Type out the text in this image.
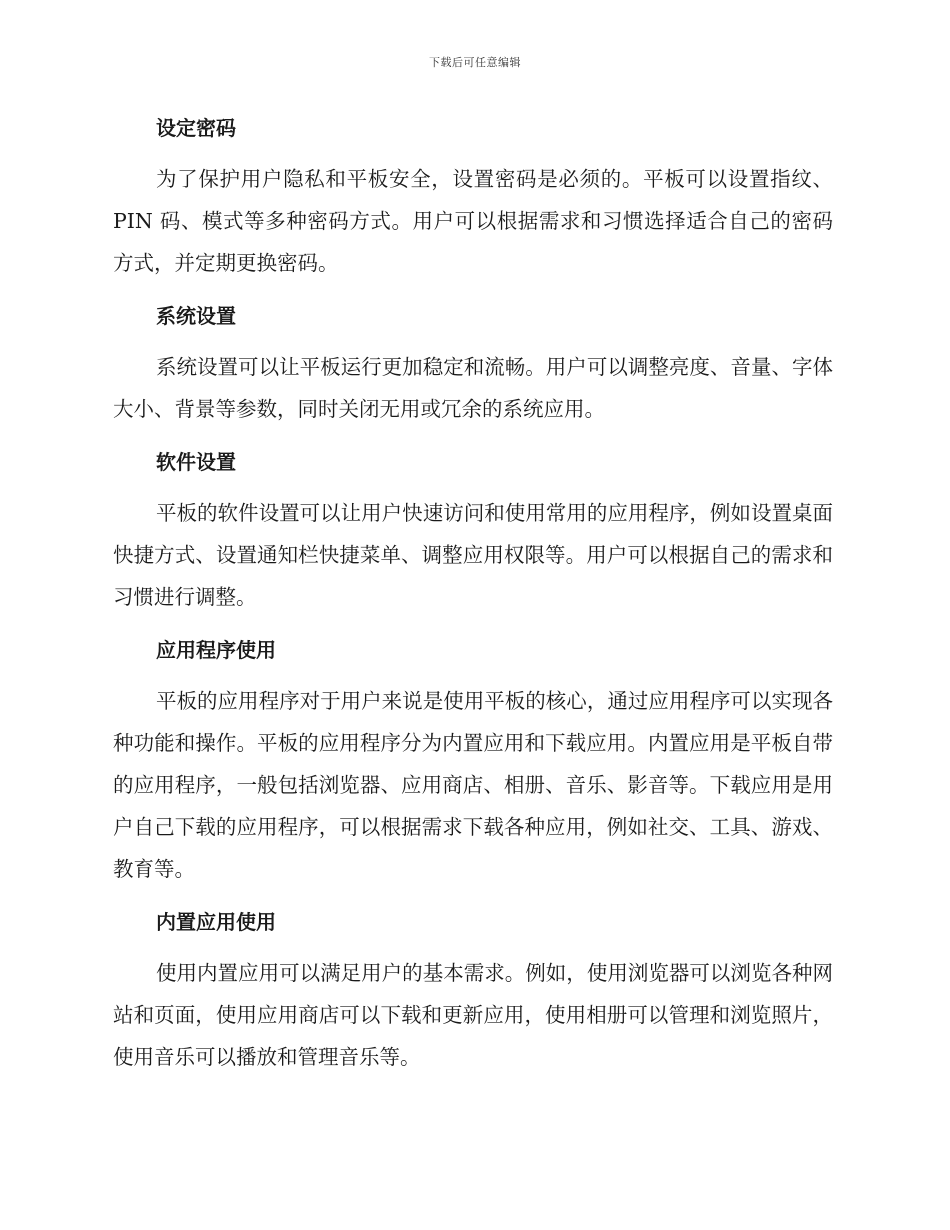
下载后可任意编辑
设定密码

为了保护用户隐私和平板安全，设置密码是必须的。平板可以设置指纹、PIN 码、模式等多种密码方式。用户可以根据需求和习惯选择适合自己的密码方式，并定期更换密码。

系统设置

系统设置可以让平板运行更加稳定和流畅。用户可以调整亮度、音量、字体大小、背景等参数，同时关闭无用或冗余的系统应用。

软件设置

平板的软件设置可以让用户快速访问和使用常用的应用程序，例如设置桌面快捷方式、设置通知栏快捷菜单、调整应用权限等。用户可以根据自己的需求和习惯进行调整。

应用程序使用

平板的应用程序对于用户来说是使用平板的核心，通过应用程序可以实现各种功能和操作。平板的应用程序分为内置应用和下载应用。内置应用是平板自带的应用程序，一般包括浏览器、应用商店、相册、音乐、影音等。下载应用是用户自己下载的应用程序，可以根据需求下载各种应用，例如社交、工具、游戏、教育等。

内置应用使用

使用内置应用可以满足用户的基本需求。例如，使用浏览器可以浏览各种网站和页面，使用应用商店可以下载和更新应用，使用相册可以管理和浏览照片，使用音乐可以播放和管理音乐等。
